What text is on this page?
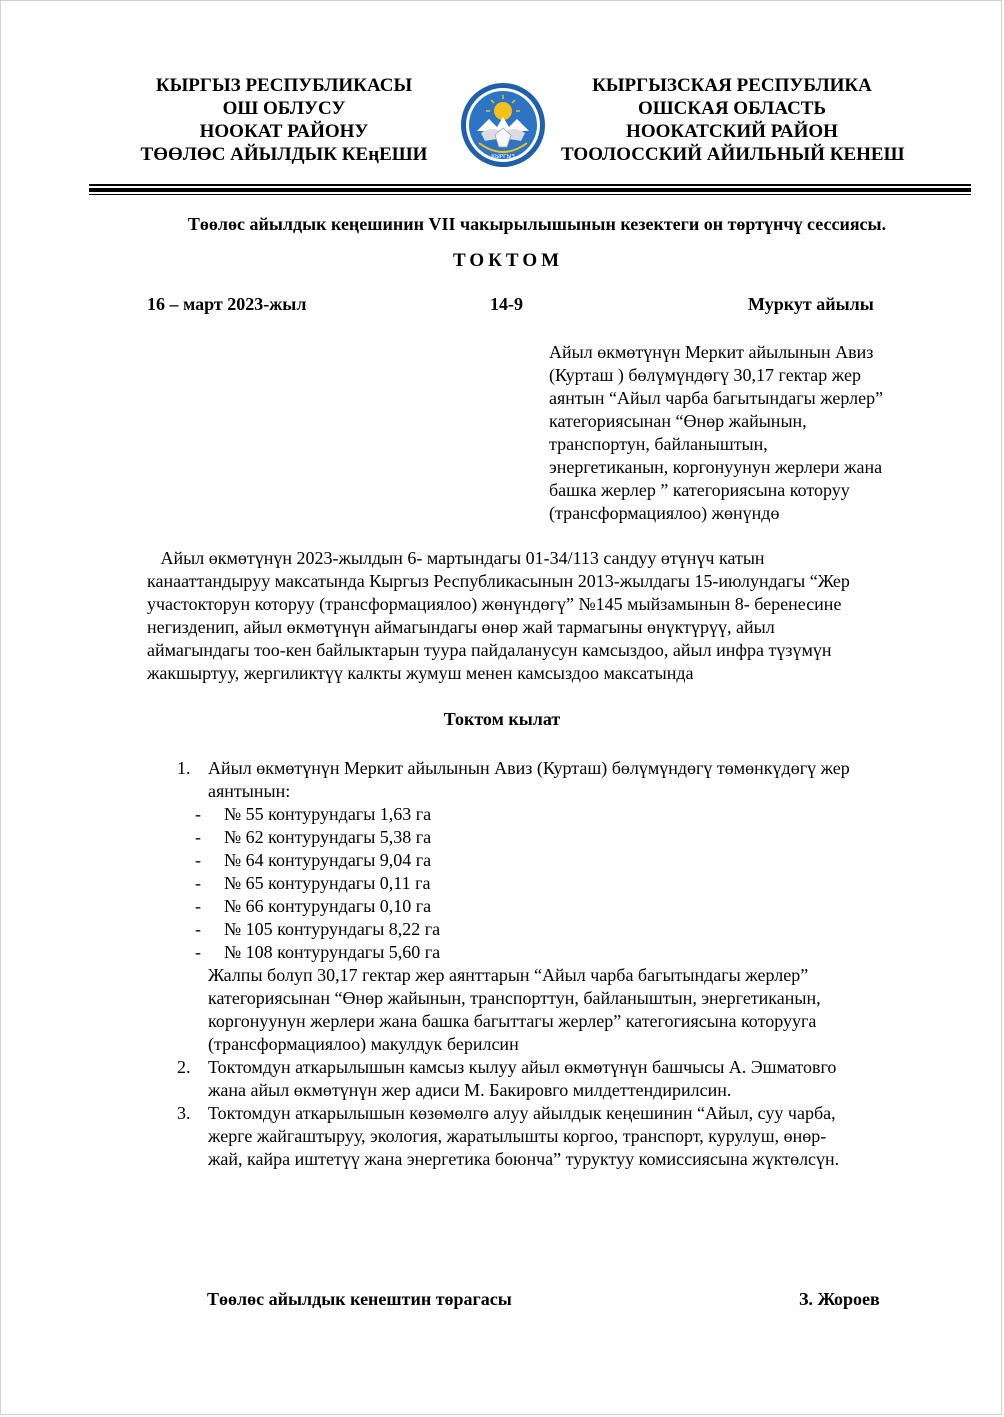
КЫРГЫЗ РЕСПУБЛИКАСЫ
ОШ ОБЛУСУ
НООКАТ РАЙОНУ
ТӨӨЛӨС АЙЫЛДЫК КЕңЕШИ	КЫРГЫЗ
КЫРГЫЗСКАЯ РЕСПУБЛИКА
ОШСКАЯ ОБЛАСТЬ
НООКАТСКИЙ РАЙОН
ТООЛОССКИЙ АЙИЛЬНЫЙ КЕНЕШ
Төөлөс айылдык кеңешинин VII чакырылышынын кезектеги он төртүнчү сессиясы.
ТОКТОМ
16 – март 2023-жыл	14-9	Муркут айылы
Айыл өкмөтүнүн Меркит айылынын Авиз
(Курташ ) бөлүмүндөгү 30,17 гектар жер
аянтын “Айыл чарба багытындагы жерлер”
категориясынан “Өнөр жайынын,
транспортун, байланыштын,
энергетиканын, коргонуунун жерлери жана
башка жерлер ” категориясына которуу
(трансформациялоо) жөнүндө
Айыл өкмөтүнүн 2023-жылдын 6- мартындагы 01-34/113 сандуу өтүнүч катын
канааттандыруу максатында Кыргыз Республикасынын 2013-жылдагы 15-июлундагы “Жер
участокторун которуу (трансформациялоо) жөнүндөгү” №145 мыйзамынын 8- беренесине
негизденип, айыл өкмөтүнүн аймагындагы өнөр жай тармагыны өнүктүрүү, айыл
аймагындагы тоо-кен байлыктарын туура пайдаланусун камсыздоо, айыл инфра түзүмүн
жакшыртуу, жергиликтүү калкты жумуш менен камсыздоо максатында
Токтом кылат
1. Айыл өкмөтүнүн Меркит айылынын Авиз (Курташ) бөлүмүндөгү төмөнкүдөгү жер
аянтынын:
- № 55 контурундагы 1,63 га
- № 62 контурундагы 5,38 га
- № 64 контурундагы 9,04 га
- № 65 контурундагы 0,11 га
- № 66 контурундагы 0,10 га
- № 105 контурундагы 8,22 га
- № 108 контурундагы 5,60 га
Жалпы болуп 30,17 гектар жер аянттарын “Айыл чарба багытындагы жерлер”
категориясынан “Өнөр жайынын, транспорттун, байланыштын, энергетиканын,
коргонуунун жерлери жана башка багыттагы жерлер” категогиясына которуугa
(трансформациялоо) макулдук берилсин
2. Токтомдун аткарылышын камсыз кылуу айыл өкмөтүнүн башчысы А. Эшматовго
жана айыл өкмөтүнүн жер адиси М. Бакировго милдеттендирилсин.
3. Токтомдун аткарылышын көзөмөлгө алуу айылдык кеңешинин “Айыл, суу чарба,
жерге жайгаштыруу, экология, жаратылышты коргоо, транспорт, курулуш, өнөр-
жай, кайра иштетүү жана энергетика боюнча” туруктуу комиссиясына жүктөлсүн.
Төөлөс айылдык кенештин төрагасы	З. Жороев
